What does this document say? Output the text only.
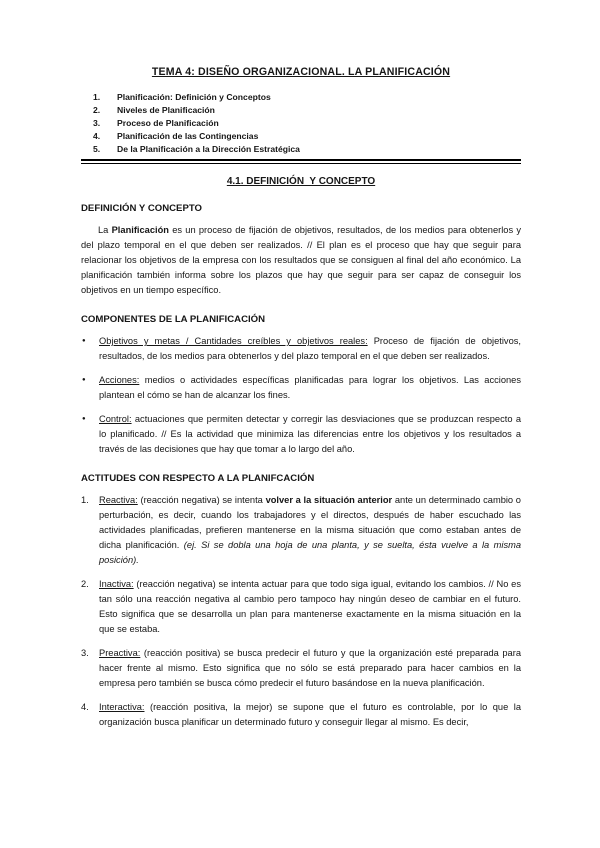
TEMA 4: DISEÑO ORGANIZACIONAL. LA PLANIFICACIÓN
1. Planificación: Definición y Conceptos
2. Niveles de Planificación
3. Proceso de Planificación
4. Planificación de las Contingencias
5. De la Planificación a la Dirección Estratégica
4.1. DEFINICIÓN  Y CONCEPTO
DEFINICIÓN Y CONCEPTO

La Planificación es un proceso de fijación de objetivos, resultados, de los medios para obtenerlos y del plazo temporal en el que deben ser realizados. // El plan es el proceso que hay que seguir para relacionar los objetivos de la empresa con los resultados que se consiguen al final del año económico. La planificación también informa sobre los plazos que hay que seguir para ser capaz de conseguir los objetivos en un tiempo específico.

COMPONENTES DE LA PLANIFICACIÓN
● Objetivos y metas / Cantidades creíbles y objetivos reales: Proceso de fijación de objetivos, resultados, de los medios para obtenerlos y del plazo temporal en el que deben ser realizados.
● Acciones: medios o actividades específicas planificadas para lograr los objetivos. Las acciones plantean el cómo se han de alcanzar los fines.
● Control: actuaciones que permiten detectar y corregir las desviaciones que se produzcan respecto a lo planificado. // Es la actividad que minimiza las diferencias entre los objetivos y los resultados a través de las decisiones que hay que tomar a lo largo del año.
ACTITUDES CON RESPECTO A LA PLANIFCACIÓN
1. Reactiva: (reacción negativa) se intenta volver a la situación anterior ante un determinado cambio o perturbación, es decir, cuando los trabajadores y el directos, después de haber escuchado las actividades planificadas, prefieren mantenerse en la misma situación que como estaban antes de dicha planificación. (ej. Si se dobla una hoja de una planta, y se suelta, ésta vuelve a la misma posición).
2. Inactiva: (reacción negativa) se intenta actuar para que todo siga igual, evitando los cambios. // No es tan sólo una reacción negativa al cambio pero tampoco hay ningún deseo de cambiar en el futuro. Esto significa que se desarrolla un plan para mantenerse exactamente en la misma situación en la que se estaba.
3. Preactiva: (reacción positiva) se busca predecir el futuro y que la organización esté preparada para hacer frente al mismo. Esto significa que no sólo se está preparado para hacer cambios en la empresa pero también se busca cómo predecir el futuro basándose en la nueva planificación.
4. Interactiva: (reacción positiva, la mejor) se supone que el futuro es controlable, por lo que la organización busca planificar un determinado futuro y conseguir llegar al mismo. Es decir,
